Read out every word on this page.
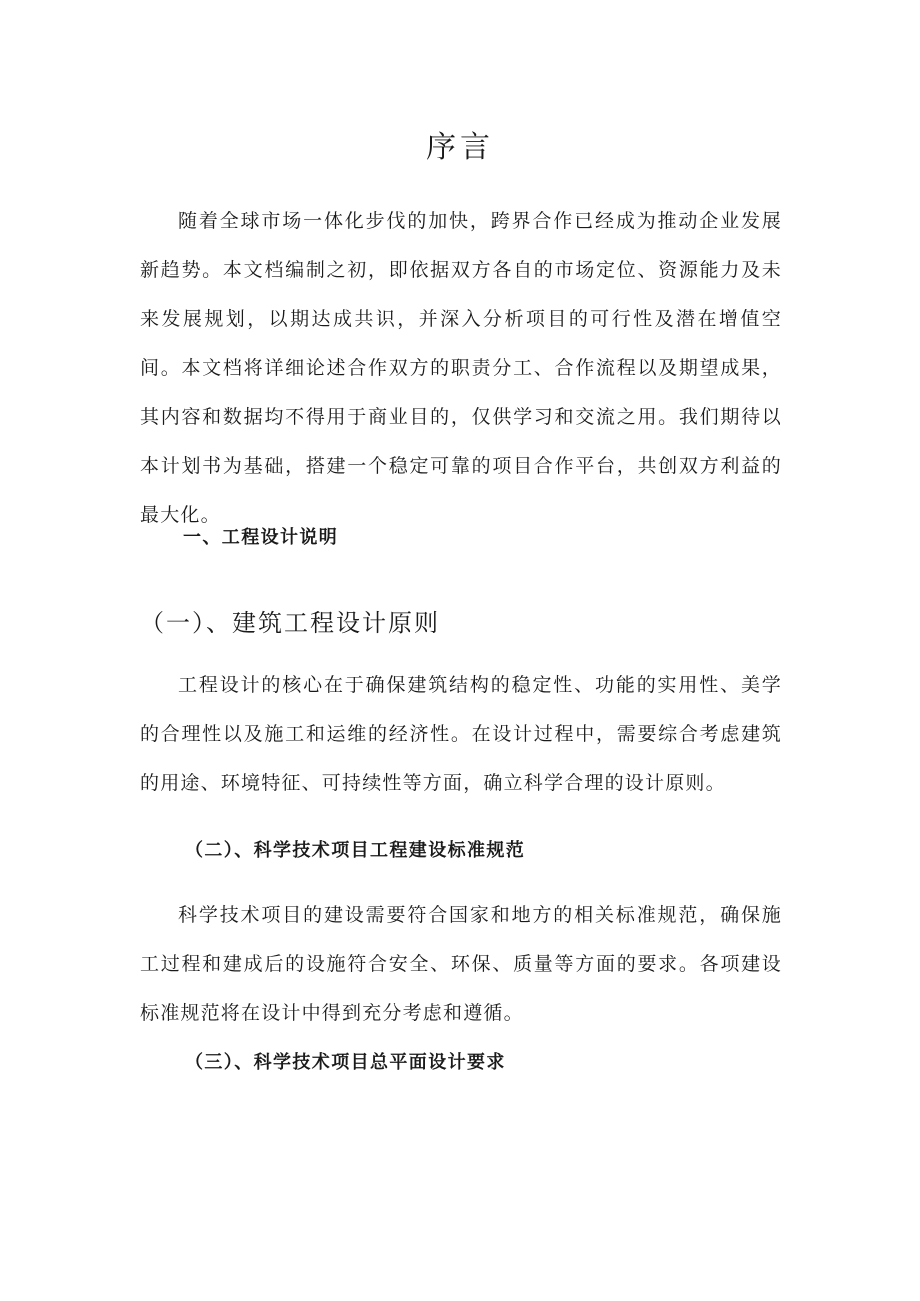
序言

随着全球市场一体化步伐的加快，跨界合作已经成为推动企业发展新趋势。本文档编制之初，即依据双方各自的市场定位、资源能力及未来发展规划，以期达成共识，并深入分析项目的可行性及潜在增值空间。本文档将详细论述合作双方的职责分工、合作流程以及期望成果，其内容和数据均不得用于商业目的，仅供学习和交流之用。我们期待以本计划书为基础，搭建一个稳定可靠的项目合作平台，共创双方利益的最大化。

一、工程设计说明
（一）、建筑工程设计原则

工程设计的核心在于确保建筑结构的稳定性、功能的实用性、美学的合理性以及施工和运维的经济性。在设计过程中，需要综合考虑建筑的用途、环境特征、可持续性等方面，确立科学合理的设计原则。

（二）、科学技术项目工程建设标准规范

科学技术项目的建设需要符合国家和地方的相关标准规范，确保施工过程和建成后的设施符合安全、环保、质量等方面的要求。各项建设标准规范将在设计中得到充分考虑和遵循。

（三）、科学技术项目总平面设计要求
